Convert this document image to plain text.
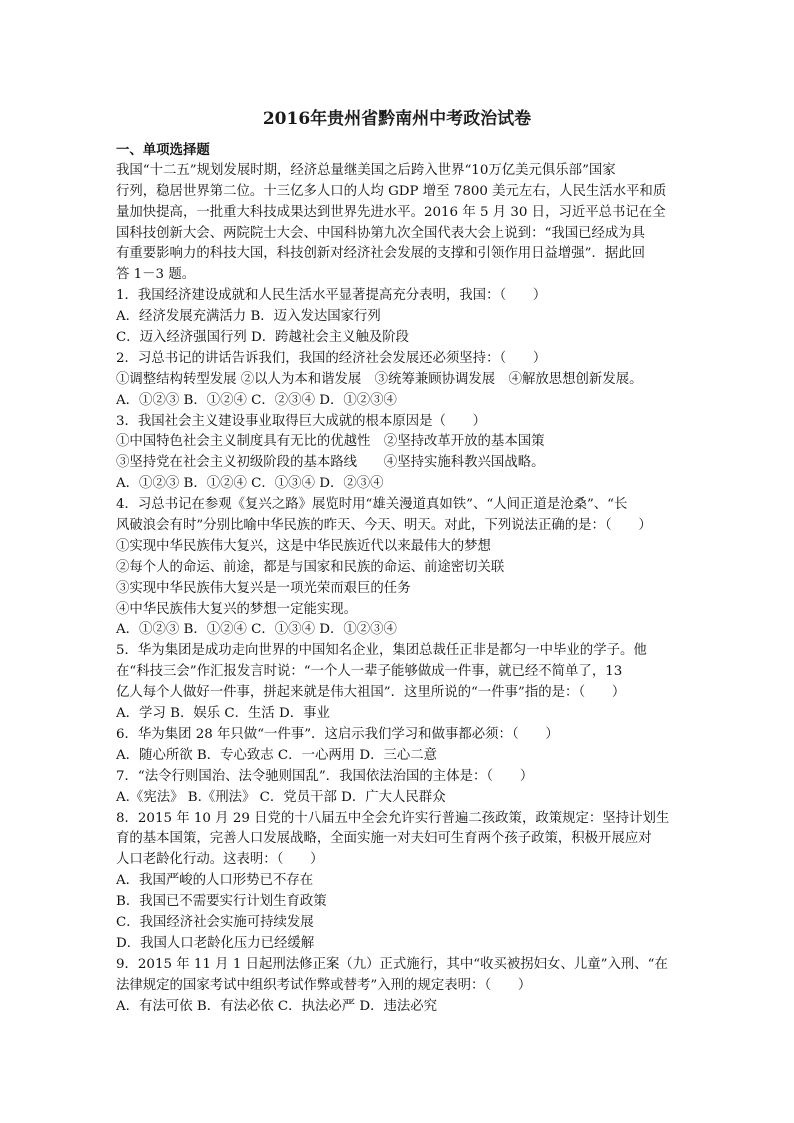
2016年贵州省黔南州中考政治试卷
一、单项选择题
我国“十二五”规划发展时期，经济总量继美国之后跨入世界“10万亿美元俱乐部”国家
行列，稳居世界第二位。十三亿多人口的人均 GDP 增至 7800 美元左右，人民生活水平和质
量加快提高，一批重大科技成果达到世界先进水平。2016 年 5 月 30 日，习近平总书记在全
国科技创新大会、两院院士大会、中国科协第九次全国代表大会上说到：“我国已经成为具
有重要影响力的科技大国，科技创新对经济社会发展的支撑和引领作用日益增强”．据此回
答 1－3 题。
1．我国经济建设成就和人民生活水平显著提高充分表明，我国：（　　）
A．经济发展充满活力 B．迈入发达国家行列
C．迈入经济强国行列 D．跨越社会主义触及阶段
2．习总书记的讲话告诉我们，我国的经济社会发展还必须坚持：（　　）
①调整结构转型发展 ②以人为本和谐发展　③统筹兼顾协调发展　④解放思想创新发展。
A．①②③ B．①②④ C．②③④ D．①②③④
3．我国社会主义建设事业取得巨大成就的根本原因是（　　）
①中国特色社会主义制度具有无比的优越性　②坚持改革开放的基本国策
③坚持党在社会主义初级阶段的基本路线　　④坚持实施科教兴国战略。
A．①②③ B．①②④ C．①③④ D．②③④
4．习总书记在参观《复兴之路》展览时用“雄关漫道真如铁”、“人间正道是沧桑”、“长
风破浪会有时”分别比喻中华民族的昨天、今天、明天。对此，下列说法正确的是：（　　）
①实现中华民族伟大复兴，这是中华民族近代以来最伟大的梦想
②每个人的命运、前途，都是与国家和民族的命运、前途密切关联
③实现中华民族伟大复兴是一项光荣而艰巨的任务
④中华民族伟大复兴的梦想一定能实现。
A．①②③ B．①②④ C．①③④ D．①②③④
5．华为集团是成功走向世界的中国知名企业，集团总裁任正非是都匀一中毕业的学子。他
在“科技三会”作汇报发言时说：“一个人一辈子能够做成一件事，就已经不简单了，13
亿人每个人做好一件事，拼起来就是伟大祖国”．这里所说的“一件事”指的是：（　　）
A．学习 B．娱乐 C．生活 D．事业
6．华为集团 28 年只做“一件事”．这启示我们学习和做事都必须：（　　）
A．随心所欲 B．专心致志 C．一心两用 D．三心二意
7．“法令行则国治、法令驰则国乱”．我国依法治国的主体是：（　　）
A.《宪法》 B.《刑法》 C．党员干部 D．广大人民群众
8．2015 年 10 月 29 日党的十八届五中全会允许实行普遍二孩政策，政策规定：坚持计划生
育的基本国策，完善人口发展战略，全面实施一对夫妇可生育两个孩子政策，积极开展应对
人口老龄化行动。这表明：（　　）
A．我国严峻的人口形势已不存在
B．我国已不需要实行计划生育政策
C．我国经济社会实施可持续发展
D．我国人口老龄化压力已经缓解
9．2015 年 11 月 1 日起刑法修正案（九）正式施行，其中“收买被拐妇女、儿童”入刑、“在
法律规定的国家考试中组织考试作弊或替考”入刑的规定表明：（　　）
A．有法可依 B．有法必依 C．执法必严 D．违法必究
